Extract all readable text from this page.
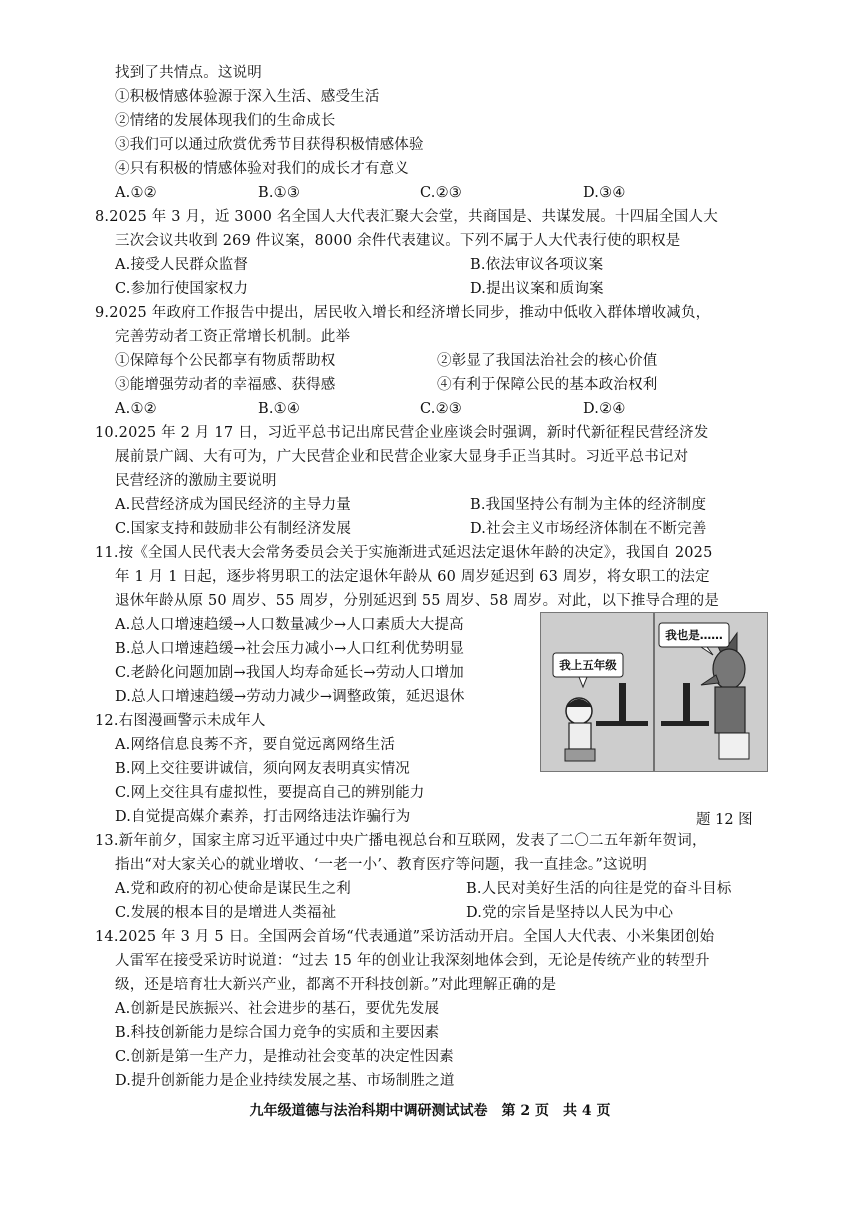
找到了共情点。这说明
①积极情感体验源于深入生活、感受生活
②情绪的发展体现我们的生命成长
③我们可以通过欣赏优秀节目获得积极情感体验
④只有积极的情感体验对我们的成长才有意义
A.①②	B.①③	C.②③	D.③④
8.2025 年 3 月，近 3000 名全国人大代表汇聚大会堂，共商国是、共谋发展。十四届全国人大
三次会议共收到 269 件议案，8000 余件代表建议。下列不属于人大代表行使的职权是
A.接受人民群众监督	B.依法审议各项议案
C.参加行使国家权力	D.提出议案和质询案
9.2025 年政府工作报告中提出，居民收入增长和经济增长同步，推动中低收入群体增收减负，
完善劳动者工资正常增长机制。此举
①保障每个公民都享有物质帮助权	②彰显了我国法治社会的核心价值
③能增强劳动者的幸福感、获得感	④有利于保障公民的基本政治权利
A.①②	B.①④	C.②③	D.②④
10.2025 年 2 月 17 日，习近平总书记出席民营企业座谈会时强调，新时代新征程民营经济发
展前景广阔、大有可为，广大民营企业和民营企业家大显身手正当其时。习近平总书记对
民营经济的激励主要说明
A.民营经济成为国民经济的主导力量	B.我国坚持公有制为主体的经济制度
C.国家支持和鼓励非公有制经济发展	D.社会主义市场经济体制在不断完善
11.按《全国人民代表大会常务委员会关于实施渐进式延迟法定退休年龄的决定》，我国自 2025
年 1 月 1 日起，逐步将男职工的法定退休年龄从 60 周岁延迟到 63 周岁，将女职工的法定
退休年龄从原 50 周岁、55 周岁，分别延迟到 55 周岁、58 周岁。对此，以下推导合理的是
A.总人口增速趋缓→人口数量减少→人口素质大大提高
B.总人口增速趋缓→社会压力减小→人口红利优势明显
C.老龄化问题加剧→我国人均寿命延长→劳动人口增加
D.总人口增速趋缓→劳动力减少→调整政策，延迟退休
12.右图漫画警示未成年人
A.网络信息良莠不齐，要自觉远离网络生活
B.网上交往要讲诚信，须向网友表明真实情况
C.网上交往具有虚拟性，要提高自己的辨别能力
D.自觉提高媒介素养，打击网络违法诈骗行为	题 12 图
我上五年级
我也是……
13.新年前夕，国家主席习近平通过中央广播电视总台和互联网，发表了二〇二五年新年贺词，
指出“对大家关心的就业增收、‘一老一小’、教育医疗等问题，我一直挂念。”这说明
A.党和政府的初心使命是谋民生之利	B.人民对美好生活的向往是党的奋斗目标
C.发展的根本目的是增进人类福祉	D.党的宗旨是坚持以人民为中心
14.2025 年 3 月 5 日。全国两会首场“代表通道”采访活动开启。全国人大代表、小米集团创始
人雷军在接受采访时说道：“过去 15 年的创业让我深刻地体会到，无论是传统产业的转型升
级，还是培育壮大新兴产业，都离不开科技创新。”对此理解正确的是
A.创新是民族振兴、社会进步的基石，要优先发展
B.科技创新能力是综合国力竞争的实质和主要因素
C.创新是第一生产力，是推动社会变革的决定性因素
D.提升创新能力是企业持续发展之基、市场制胜之道
九年级道德与法治科期中调研测试试卷　第 2 页　共 4 页
